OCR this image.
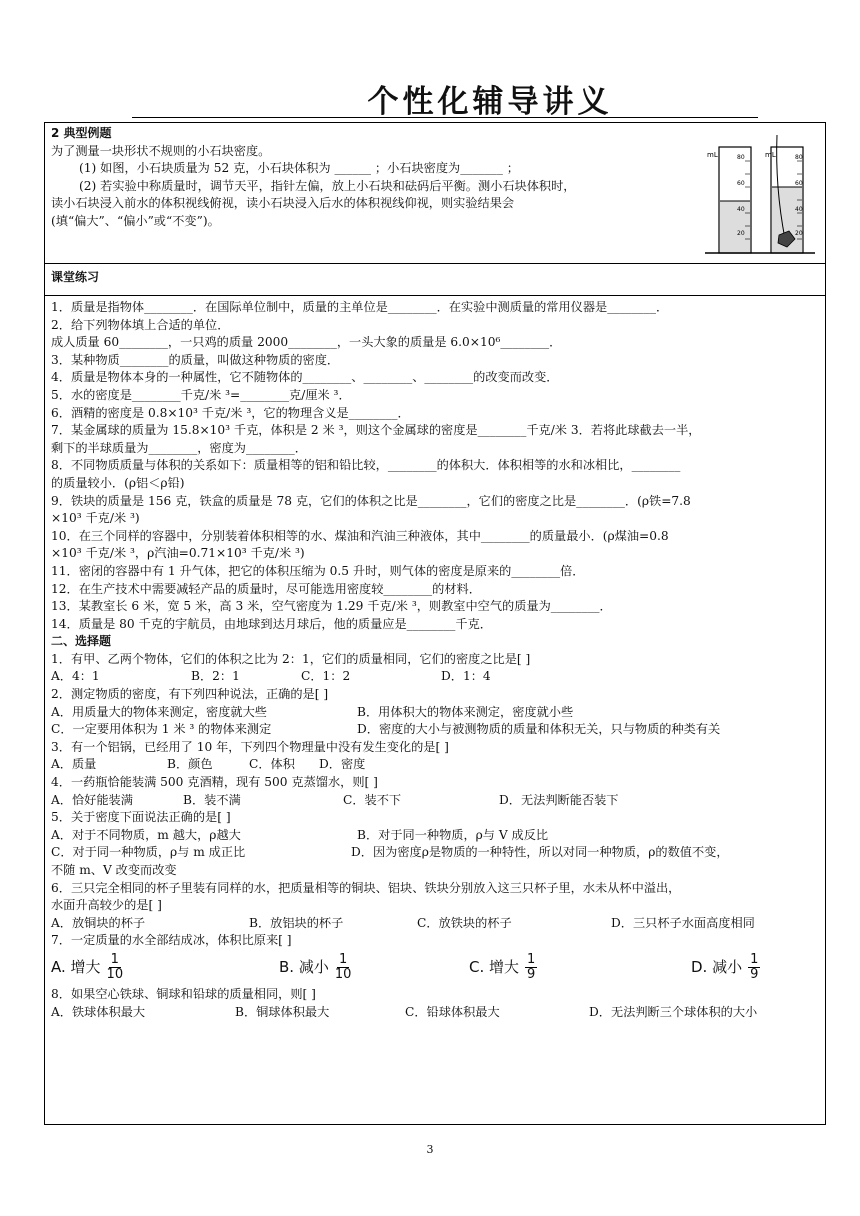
个性化辅导讲义

2 典型例题

为了测量一块形状不规则的小石块密度。

(1) 如图，小石块质量为 52 克，小石块体积为 ______ ；小石块密度为_______ ；

(2) 若实验中称质量时，调节天平，指针左偏，放上小石块和砝码后平衡。测小石块体积时，

读小石块浸入前水的体积视线俯视，读小石块浸入后水的体积视线仰视，则实验结果会

(填“偏大”、“偏小”或“不变”)。

mL	80
60
40
20
mL	80
60
40
20

课堂练习

1．质量是指物体________．在国际单位制中，质量的主单位是________．在实验中测质量的常用仪器是________．

2．给下列物体填上合适的单位．

成人质量 60________，一只鸡的质量 2000________，一头大象的质量是 6.0×10⁶________．

3．某种物质________的质量，叫做这种物质的密度．

4．质量是物体本身的一种属性，它不随物体的________、________、________的改变而改变．

5．水的密度是________千克/米 ³=________克/厘米 ³．

6．酒精的密度是 0.8×10³ 千克/米 ³，它的物理含义是________．

7．某金属球的质量为 15.8×10³ 千克，体积是 2 米 ³，则这个金属球的密度是________千克/米 3．若将此球截去一半，

剩下的半球质量为________，密度为________．

8．不同物质质量与体积的关系如下：质量相等的铝和铅比较，________的体积大．体积相等的水和冰相比，________

的质量较小．(ρ铝＜ρ铅)

9．铁块的质量是 156 克，铁盒的质量是 78 克，它们的体积之比是________，它们的密度之比是________．(ρ铁=7.8

×10³ 千克/米 ³)

10．在三个同样的容器中，分别装着体积相等的水、煤油和汽油三种液体，其中________的质量最小．(ρ煤油=0.8

×10³ 千克/米 ³，ρ汽油=0.71×10³ 千克/米 ³)

11．密闭的容器中有 1 升气体，把它的体积压缩为 0.5 升时，则气体的密度是原来的________倍．

12．在生产技术中需要减轻产品的质量时，尽可能选用密度较________的材料．

13．某教室长 6 米，宽 5 米，高 3 米，空气密度为 1.29 千克/米 ³，则教室中空气的质量为________．

14．质量是 80 千克的宇航员，由地球到达月球后，他的质量应是________千克．

二、选择题

1．有甲、乙两个物体，它们的体积之比为 2：1，它们的质量相同，它们的密度之比是[ ]

A．4：1	B．2：1	C．1：2	D．1：4

2．测定物质的密度，有下列四种说法，正确的是[ ]

A．用质量大的物体来测定，密度就大些	B．用体积大的物体来测定，密度就小些
C．一定要用体积为 1 米 ³ 的物体来测定	D．密度的大小与被测物质的质量和体积无关，只与物质的种类有关

3．有一个铝锅，已经用了 10 年，下列四个物理量中没有发生变化的是[ ]

A．质量	B．颜色	C．体积	D．密度

4．一药瓶恰能装满 500 克酒精，现有 500 克蒸馏水，则[ ]

A．恰好能装满	B．装不满	C．装不下	D．无法判断能否装下

5．关于密度下面说法正确的是[ ]

A．对于不同物质，m 越大，ρ越大	B．对于同一种物质，ρ与 V 成反比
C．对于同一种物质，ρ与 m 成正比	D．因为密度ρ是物质的一种特性，所以对同一种物质，ρ的数值不变，

不随 m、V 改变而改变

6．三只完全相同的杯子里装有同样的水，把质量相等的铜块、铝块、铁块分别放入这三只杯子里，水未从杯中溢出，

水面升高较少的是[ ]

A．放铜块的杯子	B．放铝块的杯子	C．放铁块的杯子	D．三只杯子水面高度相同

7．一定质量的水全部结成冰，体积比原来[ ]

A. 增大 $\frac{1}{10}$	B. 减小 $\frac{1}{10}$	C. 增大 $\frac{1}{9}$	D. 减小 $\frac{1}{9}$

8．如果空心铁球、铜球和铅球的质量相同，则[ ]

A．铁球体积最大	B．铜球体积最大	C．铅球体积最大	D．无法判断三个球体积的大小
3
